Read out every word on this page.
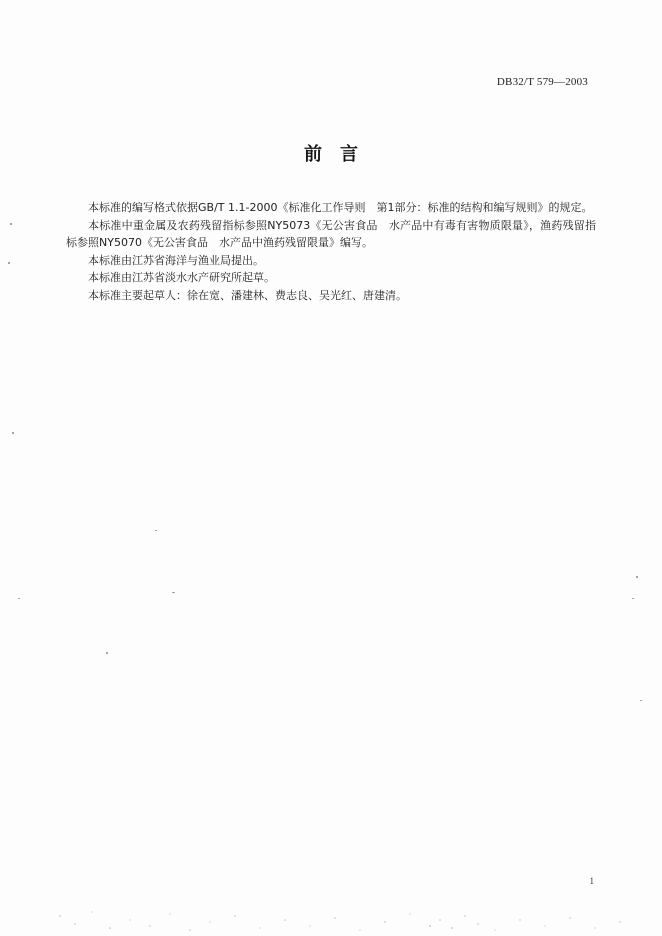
DB32/T 579—2003
前言

本标准的编写格式依据GB/T 1.1-2000《标准化工作导则　第1部分：标准的结构和编写规则》的规定。

本标准中重金属及农药残留指标参照NY5073《无公害食品　水产品中有毒有害物质限量》，渔药残留指标参照NY5070《无公害食品　水产品中渔药残留限量》编写。

本标准由江苏省海洋与渔业局提出。

本标准由江苏省淡水水产研究所起草。

本标准主要起草人：徐在宽、潘建林、费志良、吴光红、唐建清。

1
